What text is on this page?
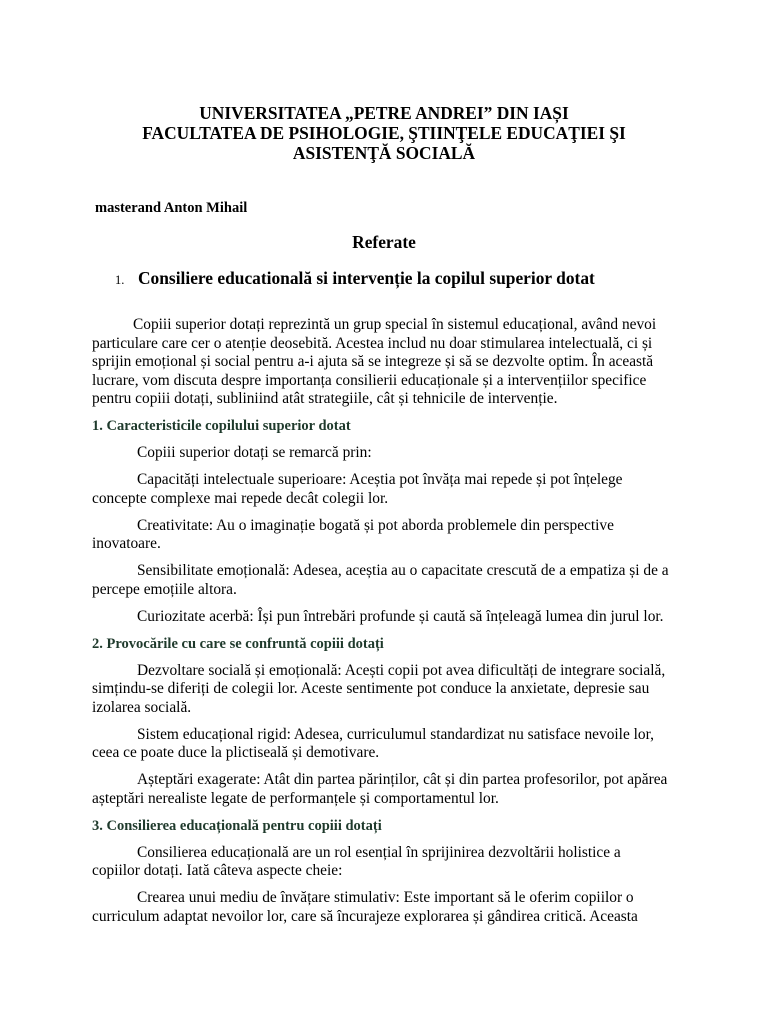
UNIVERSITATEA „PETRE ANDREI” DIN IAȘI
FACULTATEA DE PSIHOLOGIE, ŞTIINŢELE EDUCAŢIEI ŞI
ASISTENŢĂ SOCIALĂ
masterand Anton Mihail
Referate
1. Consiliere educatională si intervenție la copilul superior dotat

Copiii superior dotați reprezintă un grup special în sistemul educațional, având nevoi particulare care cer o atenție deosebită. Acestea includ nu doar stimularea intelectuală, ci și sprijin emoțional și social pentru a-i ajuta să se integreze și să se dezvolte optim. În această lucrare, vom discuta despre importanța consilierii educaționale și a intervențiilor specifice pentru copiii dotați, subliniind atât strategiile, cât și tehnicile de intervenție.

1. Caracteristicile copilului superior dotat

Copiii superior dotați se remarcă prin:

Capacități intelectuale superioare: Aceștia pot învăța mai repede și pot înțelege concepte complexe mai repede decât colegii lor.

Creativitate: Au o imaginație bogată și pot aborda problemele din perspective inovatoare.

Sensibilitate emoțională: Adesea, aceștia au o capacitate crescută de a empatiza și de a percepe emoțiile altora.

Curiozitate acerbă: Își pun întrebări profunde și caută să înțeleagă lumea din jurul lor.

2. Provocările cu care se confruntă copiii dotați

Dezvoltare socială și emoțională: Acești copii pot avea dificultăți de integrare socială, simțindu-se diferiți de colegii lor. Aceste sentimente pot conduce la anxietate, depresie sau izolarea socială.

Sistem educațional rigid: Adesea, curriculumul standardizat nu satisface nevoile lor, ceea ce poate duce la plictiseală și demotivare.

Așteptări exagerate: Atât din partea părinților, cât și din partea profesorilor, pot apărea așteptări nerealiste legate de performanțele și comportamentul lor.

3. Consilierea educațională pentru copiii dotați

Consilierea educațională are un rol esențial în sprijinirea dezvoltării holistice a copiilor dotați. Iată câteva aspecte cheie:

Crearea unui mediu de învățare stimulativ: Este important să le oferim copiilor o curriculum adaptat nevoilor lor, care să încurajeze explorarea și gândirea critică. Aceasta
